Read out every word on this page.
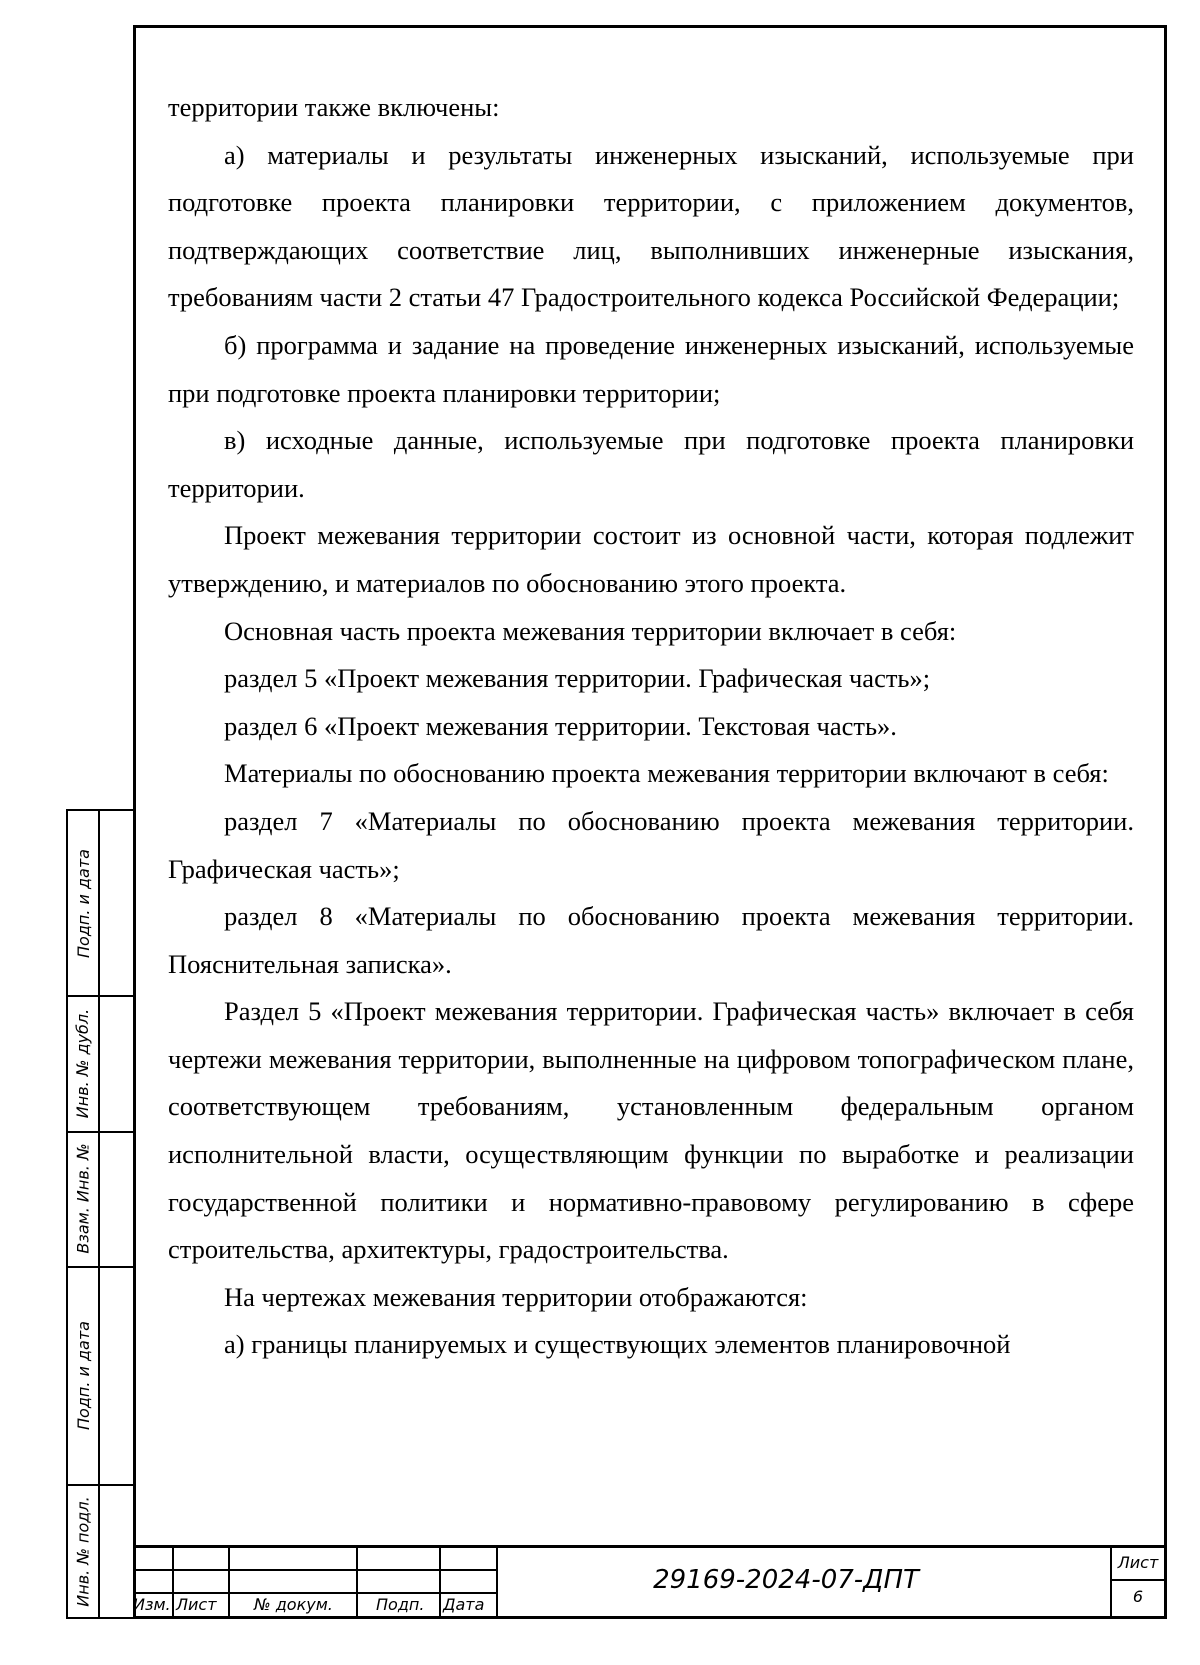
территории также включены:

а) материалы и результаты инженерных изысканий, используемые при подготовке проекта планировки территории, с приложением документов, подтверждающих соответствие лиц, выполнивших инженерные изыскания, требованиям части 2 статьи 47 Градостроительного кодекса Российской Федерации;

б) программа и задание на проведение инженерных изысканий, используемые при подготовке проекта планировки территории;

в) исходные данные, используемые при подготовке проекта планировки территории.

Проект межевания территории состоит из основной части, которая подлежит утверждению, и материалов по обоснованию этого проекта.

Основная часть проекта межевания территории включает в себя:

раздел 5 «Проект межевания территории. Графическая часть»;

раздел 6 «Проект межевания территории. Текстовая часть».

Материалы по обоснованию проекта межевания территории включают в себя:

раздел 7 «Материалы по обоснованию проекта межевания территории. Графическая часть»;

раздел 8 «Материалы по обоснованию проекта межевания территории. Пояснительная записка».

Раздел 5 «Проект межевания территории. Графическая часть» включает в себя чертежи межевания территории, выполненные на цифровом топографическом плане, соответствующем требованиям, установленным федеральным органом исполнительной власти, осуществляющим функции по выработке и реализации государственной политики и нормативно-правовому регулированию в сфере строительства, архитектуры, градостроительства.

На чертежах межевания территории отображаются:

а) границы планируемых и существующих элементов планировочной

Подп. и дата
Инв. № дубл.
Взам. Инв. №
Подп. и дата
Инв. № подл.	Изм. Лист № докум.	Подп. Дата
29169-2024-07-ДПТ
Лист
6
